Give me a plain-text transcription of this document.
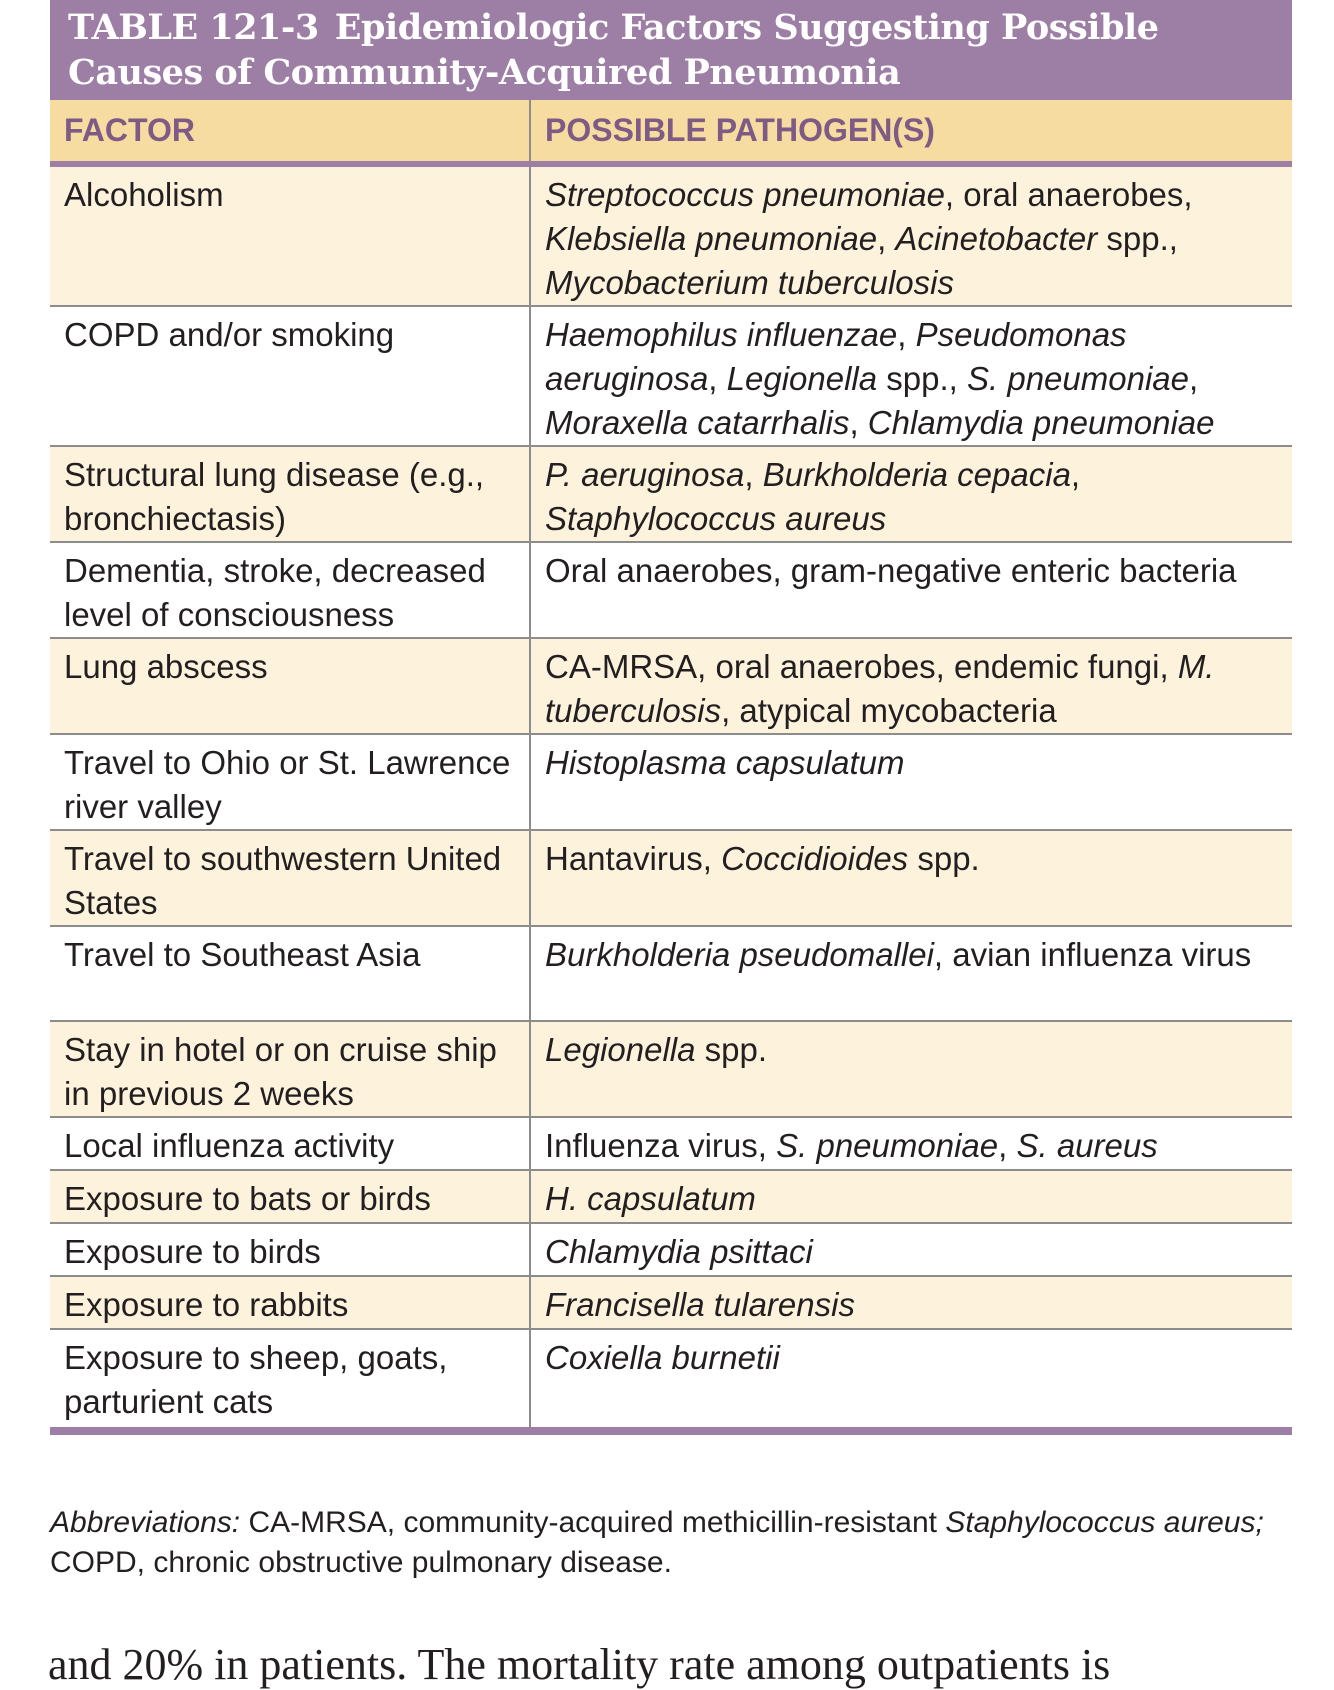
TABLE 121-3 Epidemiologic Factors Suggesting Possible Causes of Community-Acquired Pneumonia
FACTOR	POSSIBLE PATHOGEN(S)
Alcoholism	Streptococcus pneumoniae, oral anaerobes, Klebsiella pneumoniae, Acinetobacter spp., Mycobacterium tuberculosis
COPD and/or smoking	Haemophilus influenzae, Pseudomonas aeruginosa, Legionella spp., S. pneumoniae, Moraxella catarrhalis, Chlamydia pneumoniae
Structural lung disease (e.g., bronchiectasis)	P. aeruginosa, Burkholderia cepacia, Staphylococcus aureus
Dementia, stroke, decreased level of consciousness	Oral anaerobes, gram-negative enteric bacteria
Lung abscess	CA-MRSA, oral anaerobes, endemic fungi, M. tuberculosis, atypical mycobacteria
Travel to Ohio or St. Lawrence river valley	Histoplasma capsulatum
Travel to southwestern United States	Hantavirus, Coccidioides spp.
Travel to Southeast Asia	Burkholderia pseudomallei, avian influenza virus
Stay in hotel or on cruise ship in previous 2 weeks	Legionella spp.
Local influenza activity	Influenza virus, S. pneumoniae, S. aureus
Exposure to bats or birds	H. capsulatum
Exposure to birds	Chlamydia psittaci
Exposure to rabbits	Francisella tularensis
Exposure to sheep, goats, parturient cats	Coxiella burnetii
Abbreviations: CA-MRSA, community-acquired methicillin-resistant Staphylococcus aureus; COPD, chronic obstructive pulmonary disease.
and 20% in patients. The mortality rate among outpatients is
